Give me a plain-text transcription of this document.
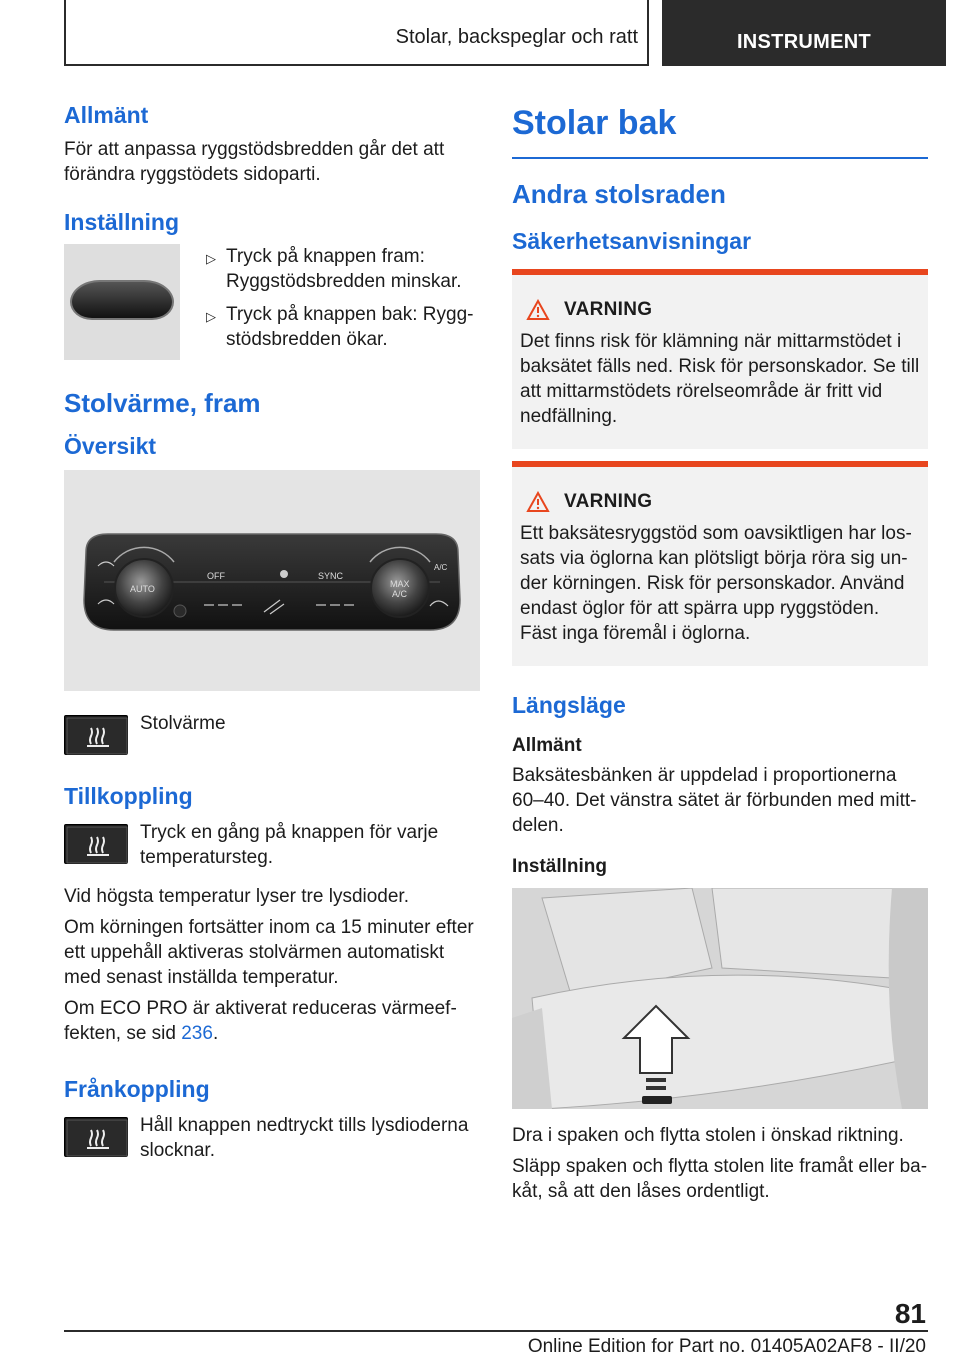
Stolar, backspeglar och ratt	INSTRUMENT
Allmänt

För att anpassa ryggstödsbredden går det att förändra ryggstödets sidoparti.

Inställning
▷ Tryck på knappen fram: Ryggstödsbredden minskar.
▷ Tryck på knappen bak: Ryggstödsbredden ökar.
Stolvärme, fram
Översikt
AUTO
OFF	SYNC
MAX
A/C
A/C

Stolvärme

Tillkoppling

Tryck en gång på knappen för varje temperatursteg.

Vid högsta temperatur lyser tre lysdioder.

Om körningen fortsätter inom ca 15 minuter efter ett uppehåll aktiveras stolvärmen automatiskt med senast inställda temperatur.

Om ECO PRO är aktiverat reduceras värmeeffekten, se sid 236.

Frånkoppling

Håll knappen nedtryckt tills lysdioderna slocknar.

Stolar bak
Andra stolsraden
Säkerhetsanvisningar
VARNING

Det finns risk för klämning när mittarmstödet i baksätet fälls ned. Risk för personskador. Se till att mittarmstödets rörelseområde är fritt vid nedfällning.

VARNING

Ett baksätesryggstöd som oavsiktligen har lossats via öglorna kan plötsligt börja röra sig under körningen. Risk för personskador. Använd endast öglor för att spärra upp ryggstöden. Fäst inga föremål i öglorna.

Längsläge
Allmänt

Baksätesbänken är uppdelad i proportionerna 60–40. Det vänstra sätet är förbunden med mittdelen.

Inställning

Dra i spaken och flytta stolen i önskad riktning.

Släpp spaken och flytta stolen lite framåt eller bakåt, så att den låses ordentligt.

81
Online Edition for Part no. 01405A02AF8 - II/20
